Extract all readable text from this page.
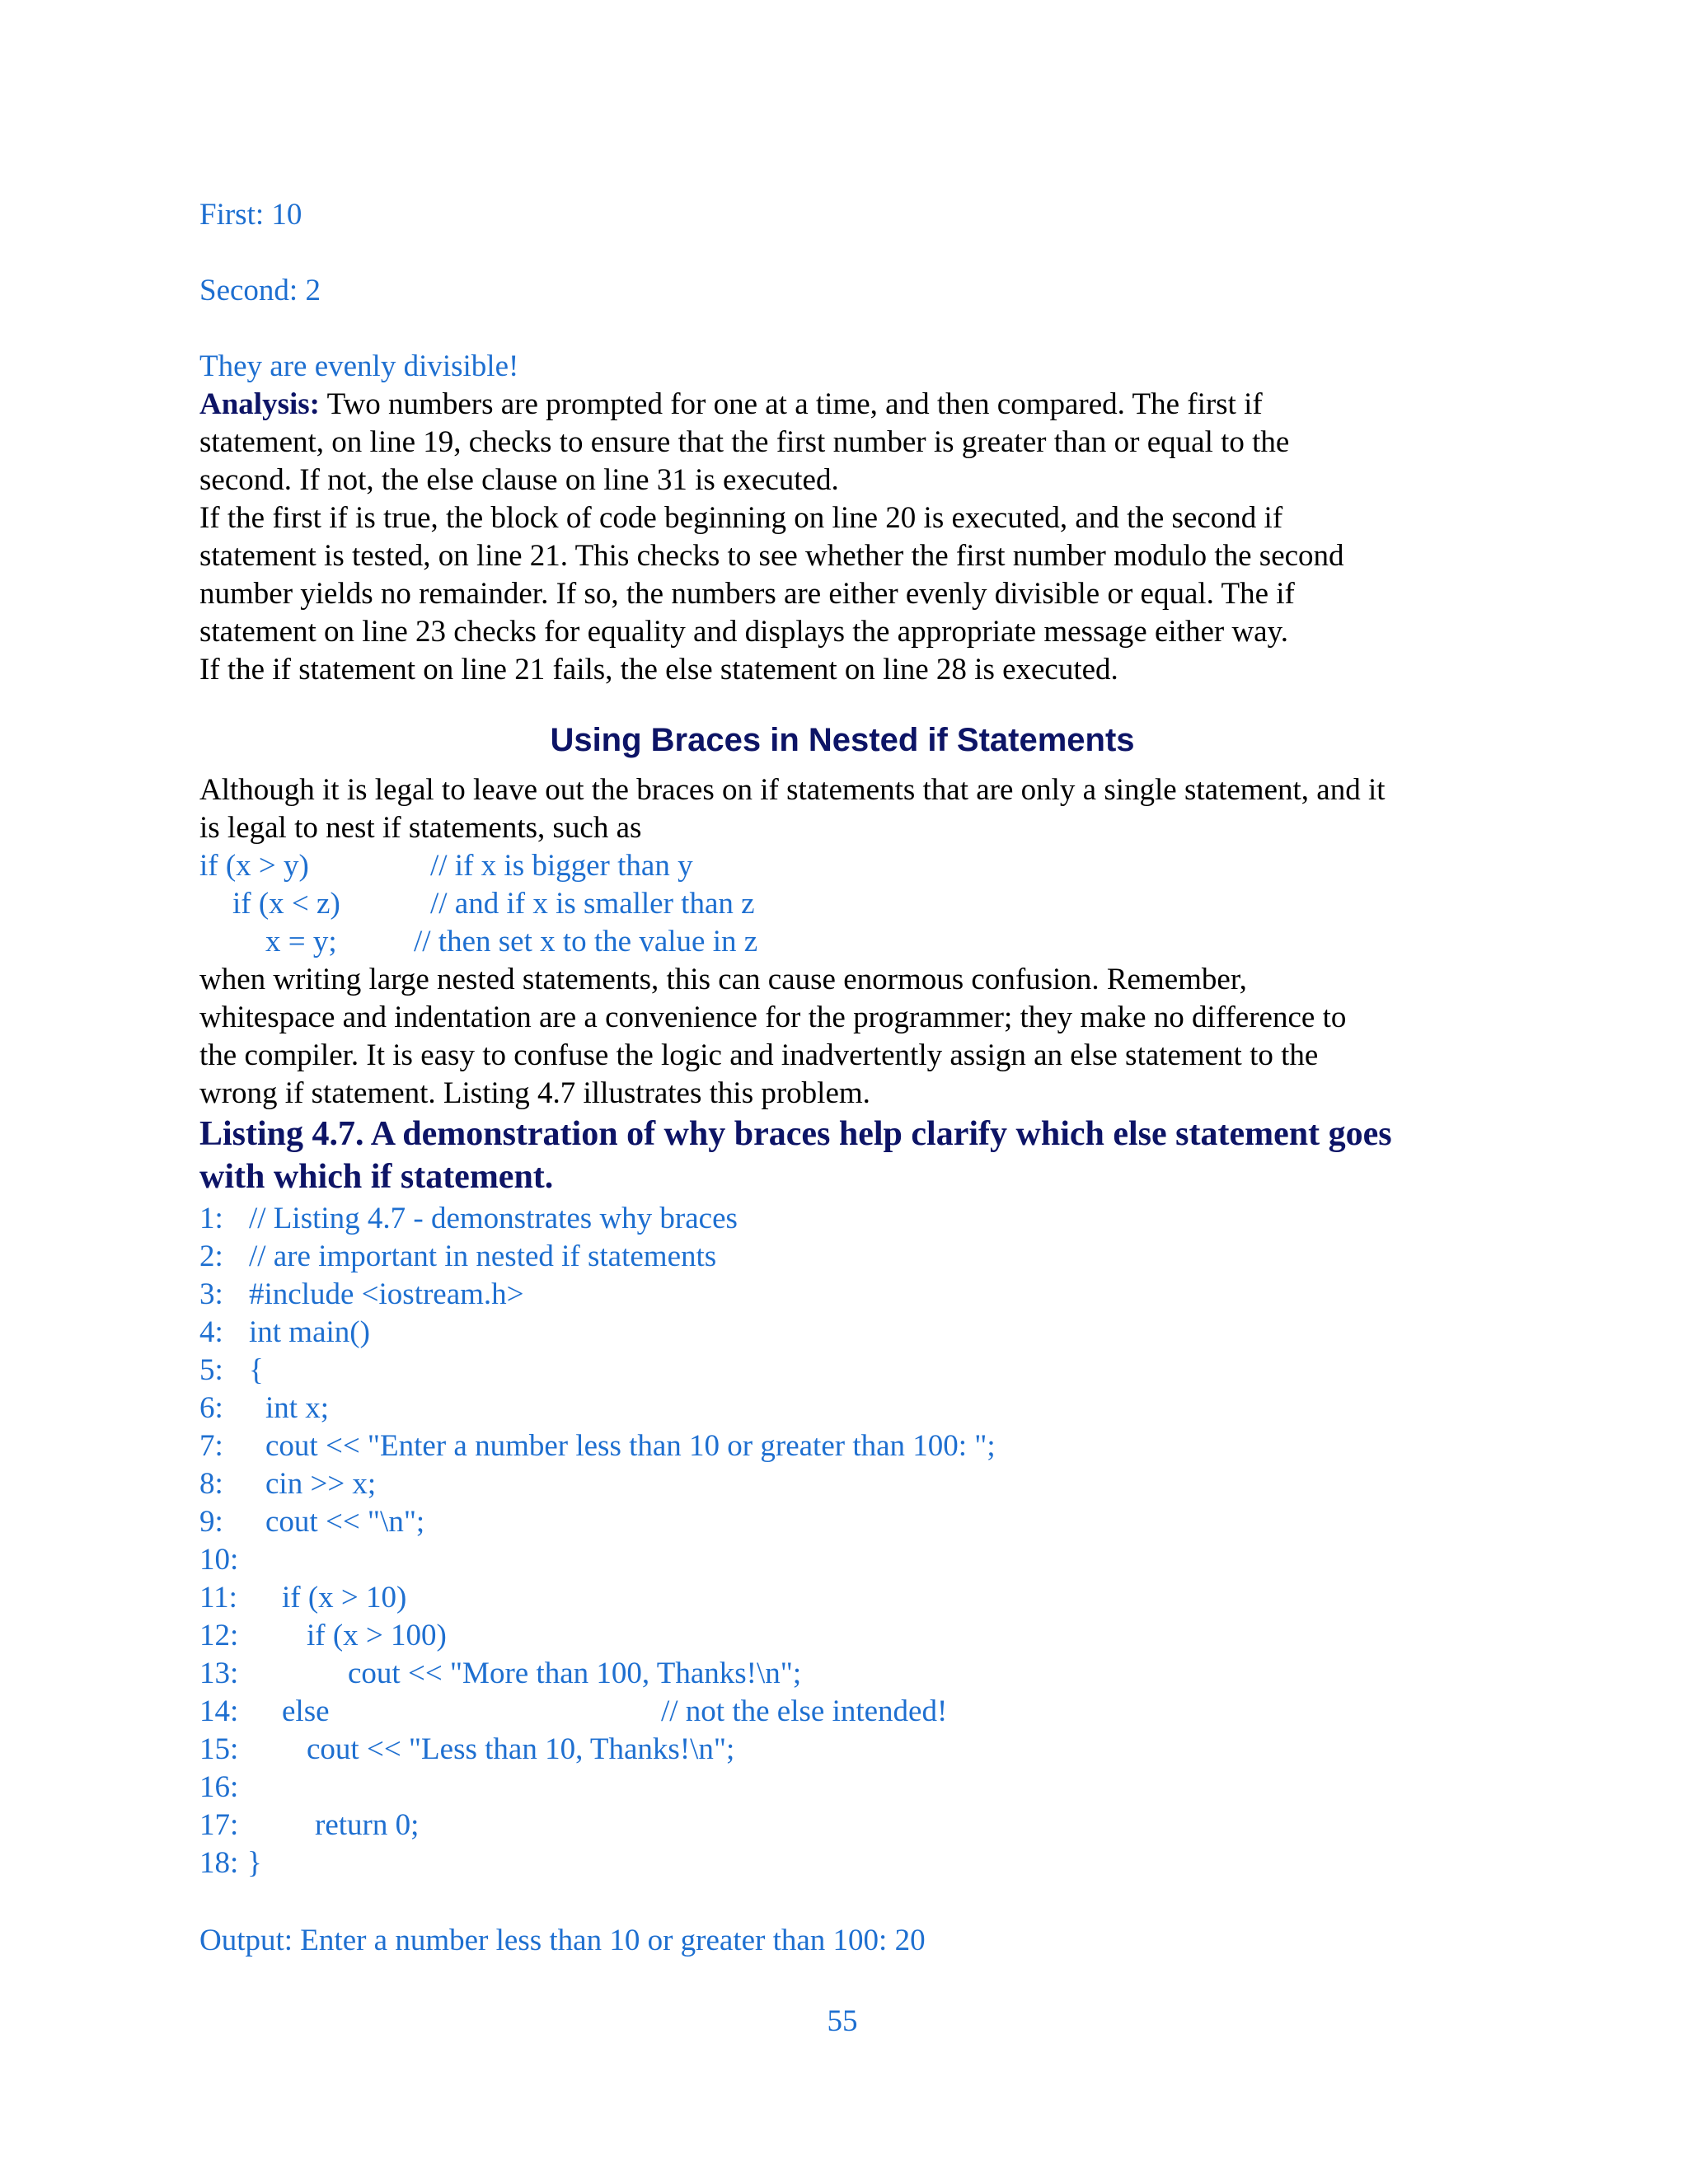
First: 10
Second: 2
They are evenly divisible!
Analysis: Two numbers are prompted for one at a time, and then compared. The first if
statement, on line 19, checks to ensure that the first number is greater than or equal to the
second. If not, the else clause on line 31 is executed.
If the first if is true, the block of code beginning on line 20 is executed, and the second if
statement is tested, on line 21. This checks to see whether the first number modulo the second
number yields no remainder. If so, the numbers are either evenly divisible or equal. The if
statement on line 23 checks for equality and displays the appropriate message either way.
If the if statement on line 21 fails, the else statement on line 28 is executed.
Using Braces in Nested if Statements
Although it is legal to leave out the braces on if statements that are only a single statement, and it
is legal to nest if statements, such as
if (x > y)	// if x is bigger than y
if (x < z)	// and if x is smaller than z
x = y;	// then set x to the value in z
when writing large nested statements, this can cause enormous confusion. Remember,
whitespace and indentation are a convenience for the programmer; they make no difference to
the compiler. It is easy to confuse the logic and inadvertently assign an else statement to the
wrong if statement. Listing 4.7 illustrates this problem.
Listing 4.7. A demonstration of why braces help clarify which else statement goes
with which if statement.
1: // Listing 4.7 - demonstrates why braces
2: // are important in nested if statements
3: #include <iostream.h>
4: int main()
5: {
6: int x;
7: cout << "Enter a number less than 10 or greater than 100: ";
8: cin >> x;
9: cout << "\n";
10:
11: if (x > 10)
12: if (x > 100)
13:	cout << "More than 100, Thanks!\n";
14: else	// not the else intended!
15: cout << "Less than 10, Thanks!\n";
16:
17:	return 0;
18: }
Output: Enter a number less than 10 or greater than 100: 20
55
